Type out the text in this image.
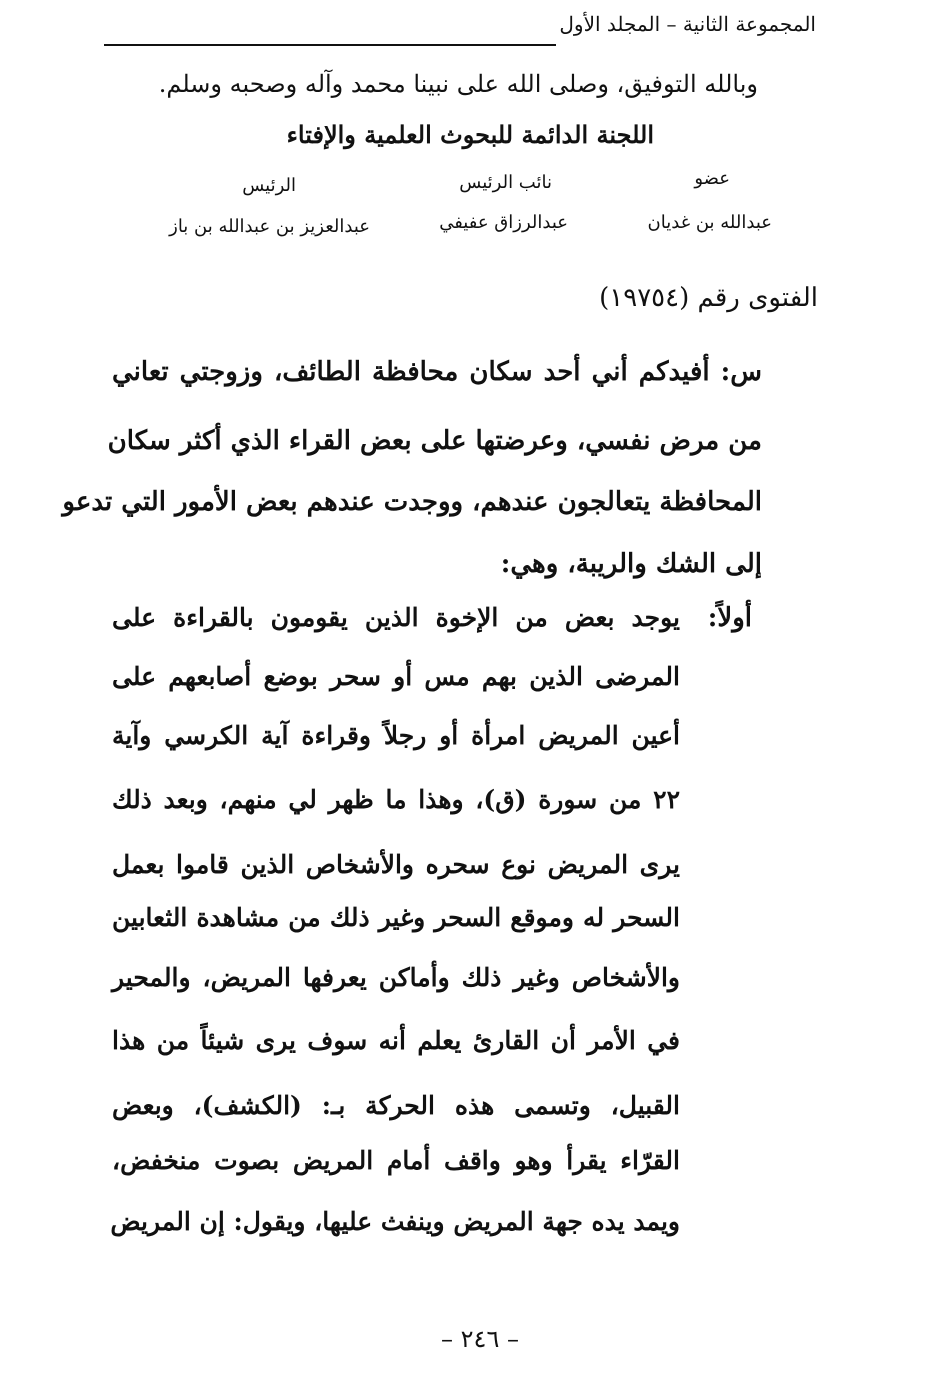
المجموعة الثانية – المجلد الأول
وبالله التوفيق، وصلى الله على نبينا محمد وآله وصحبه وسلم.
اللجنة الدائمة للبحوث العلمية والإفتاء
عضو
عبدالله بن غديان
نائب الرئيس
عبدالرزاق عفيفي
الرئيس
عبدالعزيز بن عبدالله بن باز
الفتوى رقم (١٩٧٥٤)
س: أفيدكم أني أحد سكان محافظة الطائف، وزوجتي تعاني
من مرض نفسي، وعرضتها على بعض القراء الذي أكثر سكان
المحافظة يتعالجون عندهم، ووجدت عندهم بعض الأمور التي تدعو
إلى الشك والريبة، وهي:
أولاً:
يوجد بعض من الإخوة الذين يقومون بالقراءة على
المرضى الذين بهم مس أو سحر بوضع أصابعهم على
أعين المريض امرأة أو رجلاً وقراءة آية الكرسي وآية
٢٢ من سورة (ق)، وهذا ما ظهر لي منهم، وبعد ذلك
يرى المريض نوع سحره والأشخاص الذين قاموا بعمل
السحر له وموقع السحر وغير ذلك من مشاهدة الثعابين
والأشخاص وغير ذلك وأماكن يعرفها المريض، والمحير
في الأمر أن القارئ يعلم أنه سوف يرى شيئاً من هذا
القبيل، وتسمى هذه الحركة بـ: (الكشف)، وبعض
القرّاء يقرأ وهو واقف أمام المريض بصوت منخفض،
ويمد يده جهة المريض وينفث عليها، ويقول: إن المريض
– ٢٤٦ –
